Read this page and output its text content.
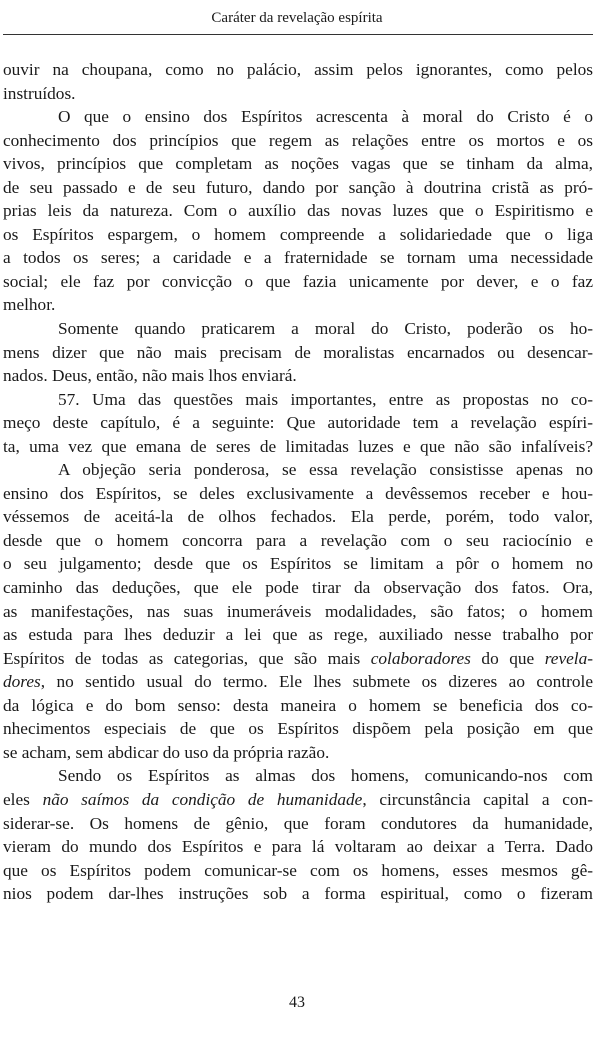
Caráter da revelação espírita
ouvir na choupana, como no palácio, assim pelos ignorantes, como pelos
instruídos.
O que o ensino dos Espíritos acrescenta à moral do Cristo é o
conhecimento dos princípios que regem as relações entre os mortos e os
vivos, princípios que completam as noções vagas que se tinham da alma,
de seu passado e de seu futuro, dando por sanção à doutrina cristã as pró-
prias leis da natureza. Com o auxílio das novas luzes que o Espiritismo e
os Espíritos espargem, o homem compreende a solidariedade que o liga
a todos os seres; a caridade e a fraternidade se tornam uma necessidade
social; ele faz por convicção o que fazia unicamente por dever, e o faz
melhor.
Somente quando praticarem a moral do Cristo, poderão os ho-
mens dizer que não mais precisam de moralistas encarnados ou desencar-
nados. Deus, então, não mais lhos enviará.
57. Uma das questões mais importantes, entre as propostas no co-
meço deste capítulo, é a seguinte: Que autoridade tem a revelação espíri-
ta, uma vez que emana de seres de limitadas luzes e que não são infalíveis?
A objeção seria ponderosa, se essa revelação consistisse apenas no
ensino dos Espíritos, se deles exclusivamente a devêssemos receber e hou-
véssemos de aceitá-la de olhos fechados. Ela perde, porém, todo valor,
desde que o homem concorra para a revelação com o seu raciocínio e
o seu julgamento; desde que os Espíritos se limitam a pôr o homem no
caminho das deduções, que ele pode tirar da observação dos fatos. Ora,
as manifestações, nas suas inumeráveis modalidades, são fatos; o homem
as estuda para lhes deduzir a lei que as rege, auxiliado nesse trabalho por
Espíritos de todas as categorias, que são mais colaboradores do que revela-
dores, no sentido usual do termo. Ele lhes submete os dizeres ao controle
da lógica e do bom senso: desta maneira o homem se beneficia dos co-
nhecimentos especiais de que os Espíritos dispõem pela posição em que
se acham, sem abdicar do uso da própria razão.
Sendo os Espíritos as almas dos homens, comunicando-nos com
eles não saímos da condição de humanidade, circunstância capital a con-
siderar-se. Os homens de gênio, que foram condutores da humanidade,
vieram do mundo dos Espíritos e para lá voltaram ao deixar a Terra. Dado
que os Espíritos podem comunicar-se com os homens, esses mesmos gê-
nios podem dar-lhes instruções sob a forma espiritual, como o fizeram
43
